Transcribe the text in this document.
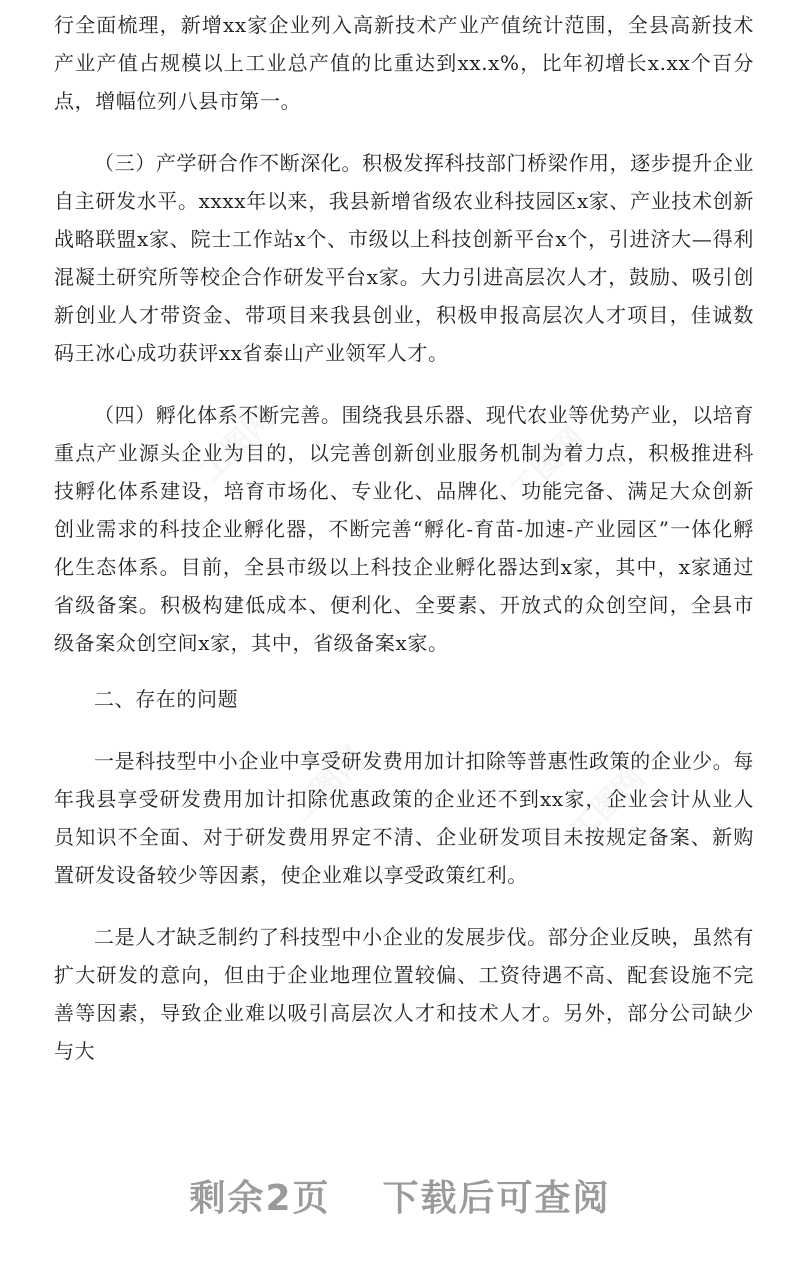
工图网	工图网
工图网	工图网

行全面梳理，新增xx家企业列入高新技术产业产值统计范围，全县高新技术产业产值占规模以上工业总产值的比重达到xx.x%，比年初增长x.xx个百分点，增幅位列八县市第一。

（三）产学研合作不断深化。积极发挥科技部门桥梁作用，逐步提升企业自主研发水平。xxxx年以来，我县新增省级农业科技园区x家、产业技术创新战略联盟x家、院士工作站x个、市级以上科技创新平台x个，引进济大—得利混凝土研究所等校企合作研发平台x家。大力引进高层次人才，鼓励、吸引创新创业人才带资金、带项目来我县创业，积极申报高层次人才项目，佳诚数码王冰心成功获评xx省泰山产业领军人才。

（四）孵化体系不断完善。围绕我县乐器、现代农业等优势产业，以培育重点产业源头企业为目的，以完善创新创业服务机制为着力点，积极推进科技孵化体系建设，培育市场化、专业化、品牌化、功能完备、满足大众创新创业需求的科技企业孵化器，不断完善“孵化-育苗-加速-产业园区”一体化孵化生态体系。目前，全县市级以上科技企业孵化器达到x家，其中，x家通过省级备案。积极构建低成本、便利化、全要素、开放式的众创空间，全县市级备案众创空间x家，其中，省级备案x家。

二、存在的问题

一是科技型中小企业中享受研发费用加计扣除等普惠性政策的企业少。每年我县享受研发费用加计扣除优惠政策的企业还不到xx家，企业会计从业人员知识不全面、对于研发费用界定不清、企业研发项目未按规定备案、新购置研发设备较少等因素，使企业难以享受政策红利。

二是人才缺乏制约了科技型中小企业的发展步伐。部分企业反映，虽然有扩大研发的意向，但由于企业地理位置较偏、工资待遇不高、配套设施不完善等因素，导致企业难以吸引高层次人才和技术人才。另外，部分公司缺少与大

剩余2页 下载后可查阅
